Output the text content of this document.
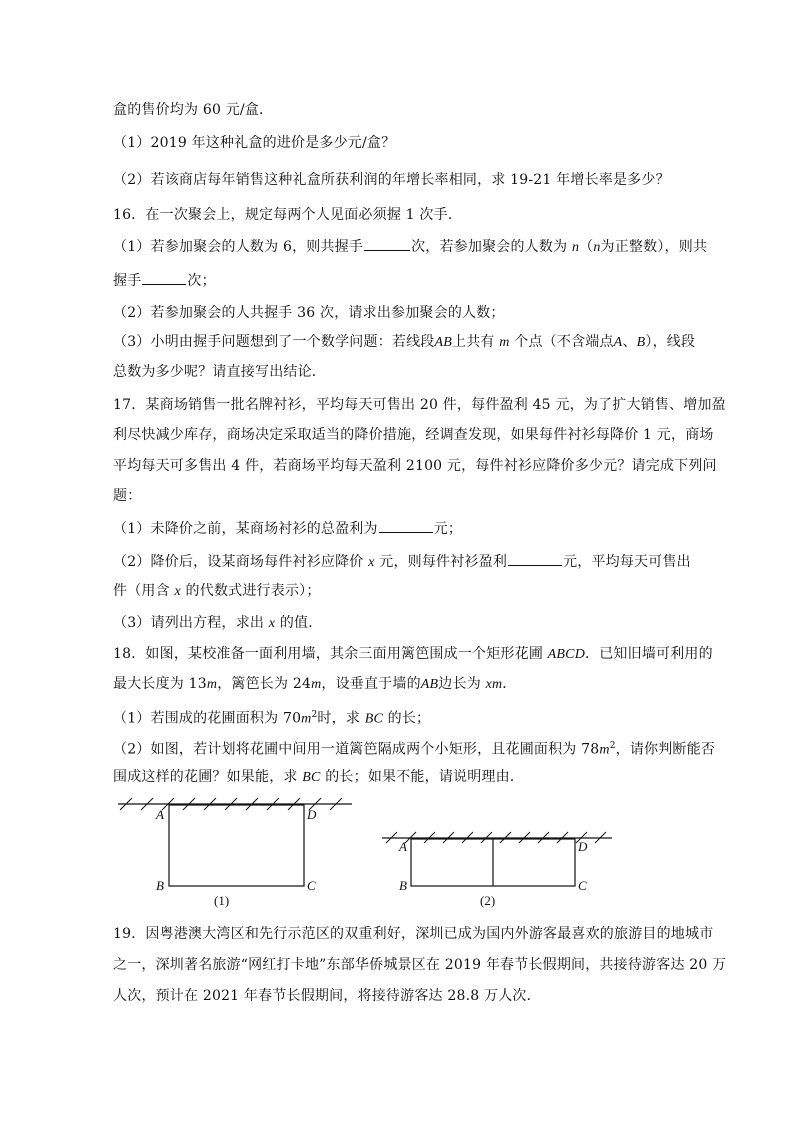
盒的售价均为 60 元/盒．
（1）2019 年这种礼盒的进价是多少元/盒？
（2）若该商店每年销售这种礼盒所获利润的年增长率相同，求 19-21 年增长率是多少？
16．在一次聚会上，规定每两个人见面必须握 1 次手．
（1）若参加聚会的人数为 6，则共握手	次，若参加聚会的人数为 n（n为正整数），则共
握手	次；
（2）若参加聚会的人共握手 36 次，请求出参加聚会的人数；
（3）小明由握手问题想到了一个数学问题：若线段AB上共有 m 个点（不含端点A、B），线段
总数为多少呢？请直接写出结论．
17．某商场销售一批名牌衬衫，平均每天可售出 20 件，每件盈利 45 元，为了扩大销售、增加盈
利尽快减少库存，商场决定采取适当的降价措施，经调查发现，如果每件衬衫每降价 1 元，商场
平均每天可多售出 4 件，若商场平均每天盈利 2100 元，每件衬衫应降价多少元？请完成下列问
题：
（1）未降价之前，某商场衬衫的总盈利为	元；
（2）降价后，设某商场每件衬衫应降价 x 元，则每件衬衫盈利	元，平均每天可售出
件（用含 x 的代数式进行表示）；
（3）请列出方程，求出 x 的值．
18．如图，某校准备一面利用墙，其余三面用篱笆围成一个矩形花圃 ABCD．已知旧墙可利用的
最大长度为 13m，篱笆长为 24m，设垂直于墙的AB边长为 xm．
（1）若围成的花圃面积为 $70m^2$时，求 BC 的长；
（2）如图，若计划将花圃中间用一道篱笆隔成两个小矩形，且花圃面积为 $78m^2$，请你判断能否
围成这样的花圃？如果能，求 BC 的长；如果不能，请说明理由．
A	D
B	C
(1)
A	D
B	C
(2)
19．因粤港澳大湾区和先行示范区的双重利好，深圳已成为国内外游客最喜欢的旅游目的地城市
之一，深圳著名旅游“网红打卡地”东部华侨城景区在 2019 年春节长假期间，共接待游客达 20 万
人次，预计在 2021 年春节长假期间，将接待游客达 28.8 万人次．
